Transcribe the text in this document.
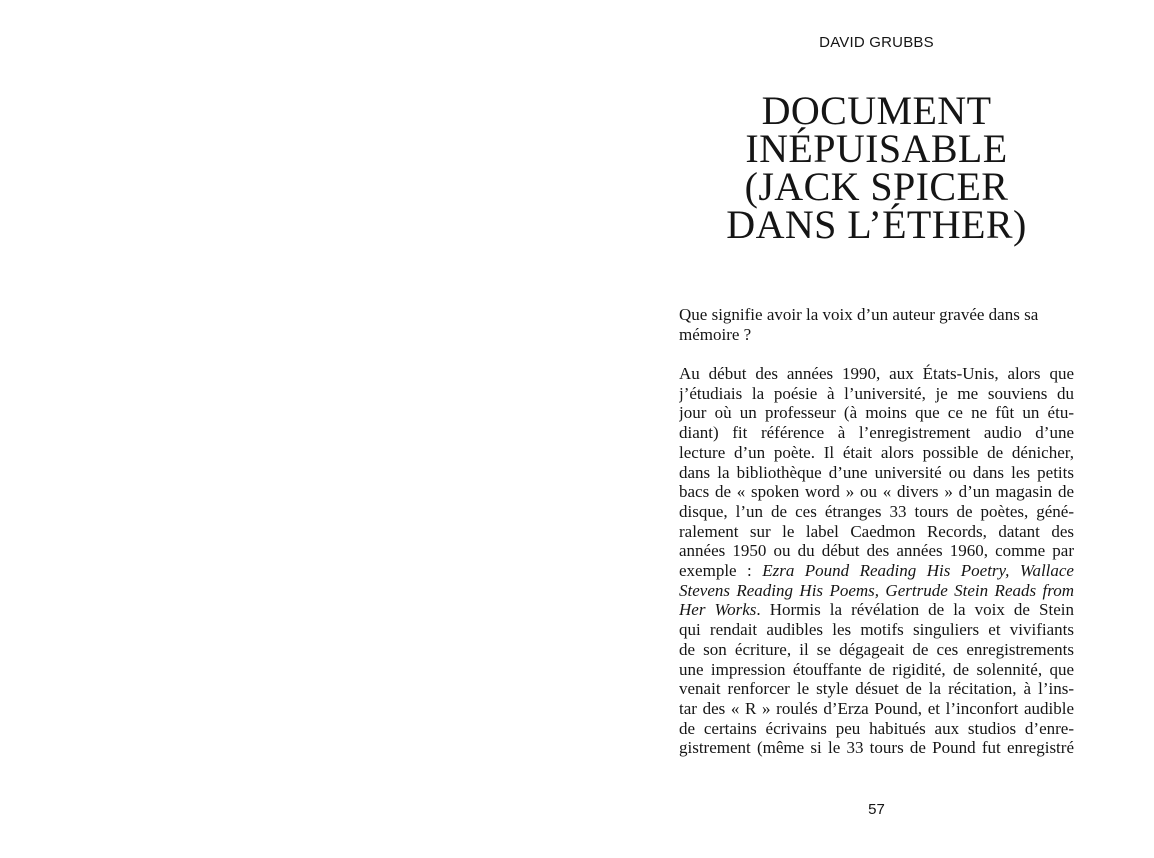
DAVID GRUBBS
DOCUMENT
INÉPUISABLE
(JACK SPICER
DANS L’ÉTHER)
Que signifie avoir la voix d’un auteur gravée dans sa mémoire ?
Au début des années 1990, aux États-Unis, alors que
j’étudiais la poésie à l’université, je me souviens du
jour où un professeur (à moins que ce ne fût un étu-
diant) fit référence à l’enregistrement audio d’une
lecture d’un poète. Il était alors possible de dénicher,
dans la bibliothèque d’une université ou dans les petits
bacs de « spoken word » ou « divers » d’un magasin de
disque, l’un de ces étranges 33 tours de poètes, géné-
ralement sur le label Caedmon Records, datant des
années 1950 ou du début des années 1960, comme par
exemple : Ezra Pound Reading His Poetry, Wallace
Stevens Reading His Poems, Gertrude Stein Reads from
Her Works. Hormis la révélation de la voix de Stein
qui rendait audibles les motifs singuliers et vivifiants
de son écriture, il se dégageait de ces enregistrements
une impression étouffante de rigidité, de solennité, que
venait renforcer le style désuet de la récitation, à l’ins-
tar des « R » roulés d’Erza Pound, et l’inconfort audible
de certains écrivains peu habitués aux studios d’enre-
gistrement (même si le 33 tours de Pound fut enregistré
57
